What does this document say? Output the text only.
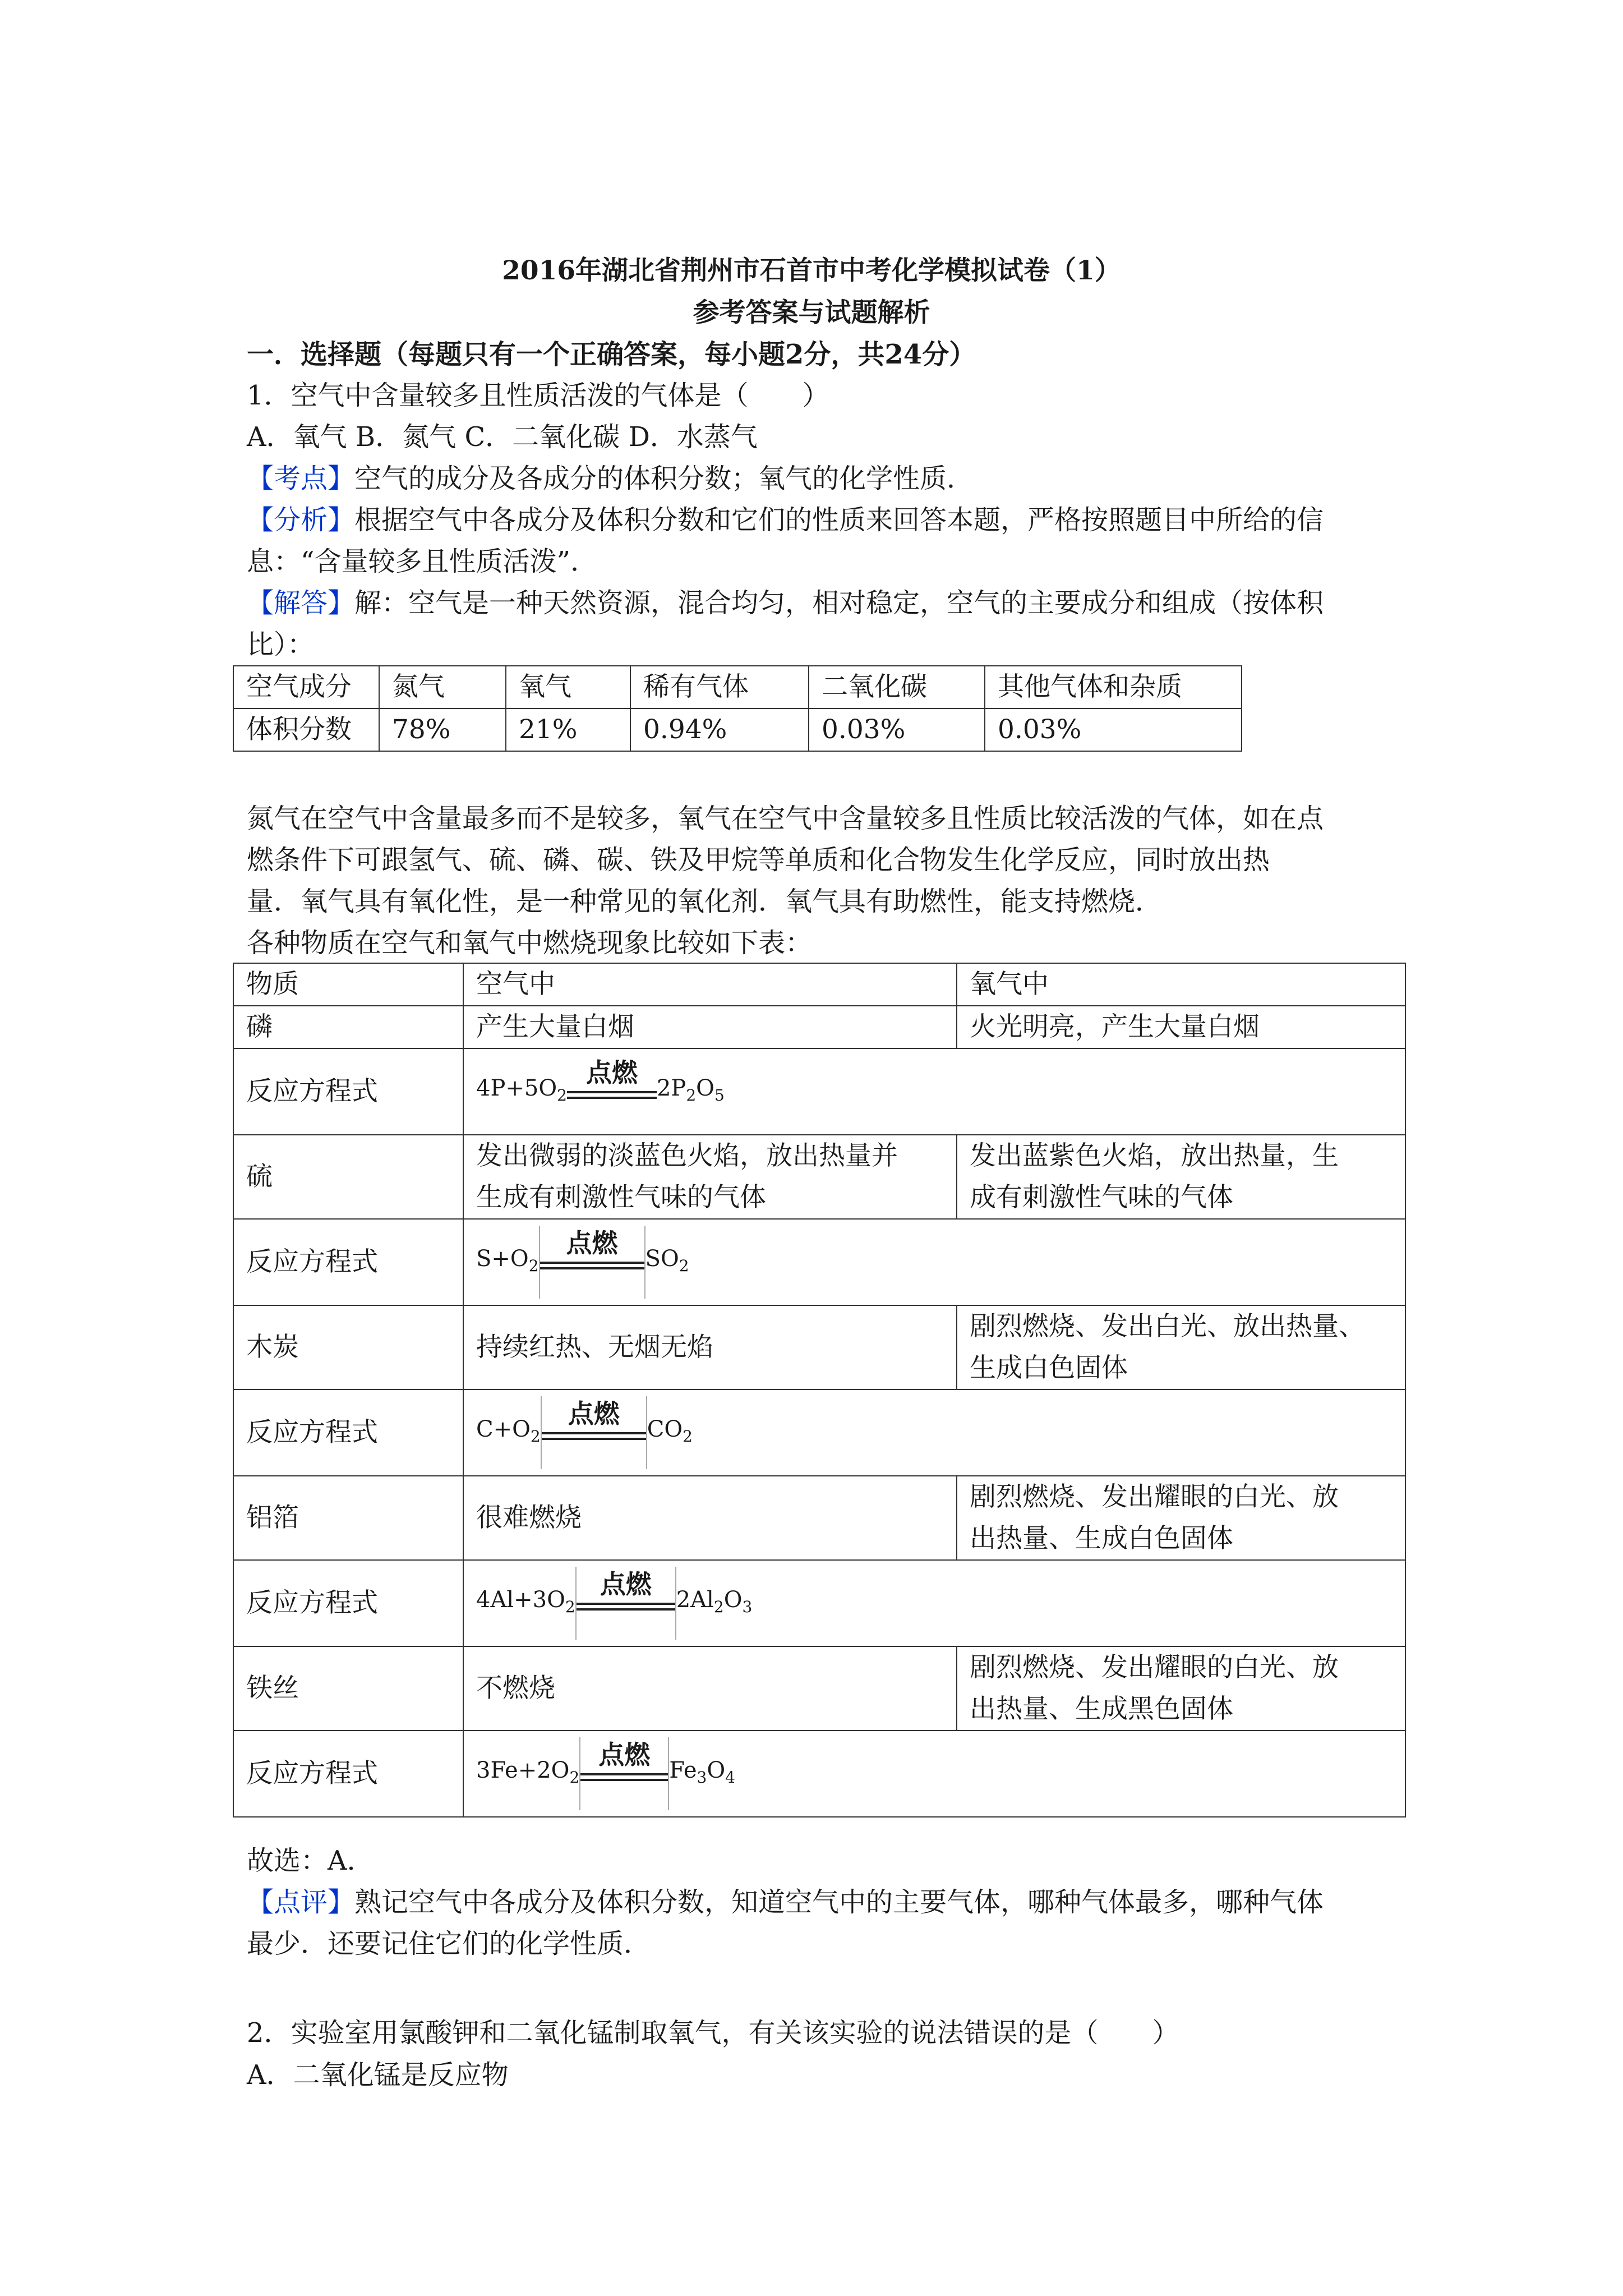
2016年湖北省荆州市石首市中考化学模拟试卷（1）
参考答案与试题解析
一．选择题（每题只有一个正确答案，每小题2分，共24分）
1．空气中含量较多且性质活泼的气体是（　　）
A．氧气 B．氮气 C．二氧化碳 D．水蒸气
【考点】空气的成分及各成分的体积分数；氧气的化学性质．
【分析】根据空气中各成分及体积分数和它们的性质来回答本题，严格按照题目中所给的信
息：“含量较多且性质活泼”．
【解答】解：空气是一种天然资源，混合均匀，相对稳定，空气的主要成分和组成（按体积
比）：
空气成分	氮气	氧气	稀有气体	二氧化碳	其他气体和杂质
体积分数	78%	21%	0.94%	0.03%	0.03%
氮气在空气中含量最多而不是较多，氧气在空气中含量较多且性质比较活泼的气体，如在点
燃条件下可跟氢气、硫、磷、碳、铁及甲烷等单质和化合物发生化学反应，同时放出热
量．氧气具有氧化性，是一种常见的氧化剂．氧气具有助燃性，能支持燃烧．
各种物质在空气和氧气中燃烧现象比较如下表：
物质	空气中	氧气中
磷	产生大量白烟	火光明亮，产生大量白烟
反应方程式	$4P+5O_2$
点燃
$2P_2O_5$

硫	发出微弱的淡蓝色火焰，放出热量并
生成有刺激性气味的气体	发出蓝紫色火焰，放出热量，生
成有刺激性气味的气体
反应方程式	$S+O_2$
点燃
$SO_2$

木炭	持续红热、无烟无焰	剧烈燃烧、发出白光、放出热量、
生成白色固体
反应方程式	$C+O_2$
点燃
$CO_2$

铝箔	很难燃烧	剧烈燃烧、发出耀眼的白光、放
出热量、生成白色固体
反应方程式	$4Al+3O_2$
点燃
$2Al_2O_3$

铁丝	不燃烧	剧烈燃烧、发出耀眼的白光、放
出热量、生成黑色固体
反应方程式	$3Fe+2O_2$
点燃
$Fe_3O_4$
故选：A．
【点评】熟记空气中各成分及体积分数，知道空气中的主要气体，哪种气体最多，哪种气体
最少．还要记住它们的化学性质．
2．实验室用氯酸钾和二氧化锰制取氧气，有关该实验的说法错误的是（　　）
A．二氧化锰是反应物
